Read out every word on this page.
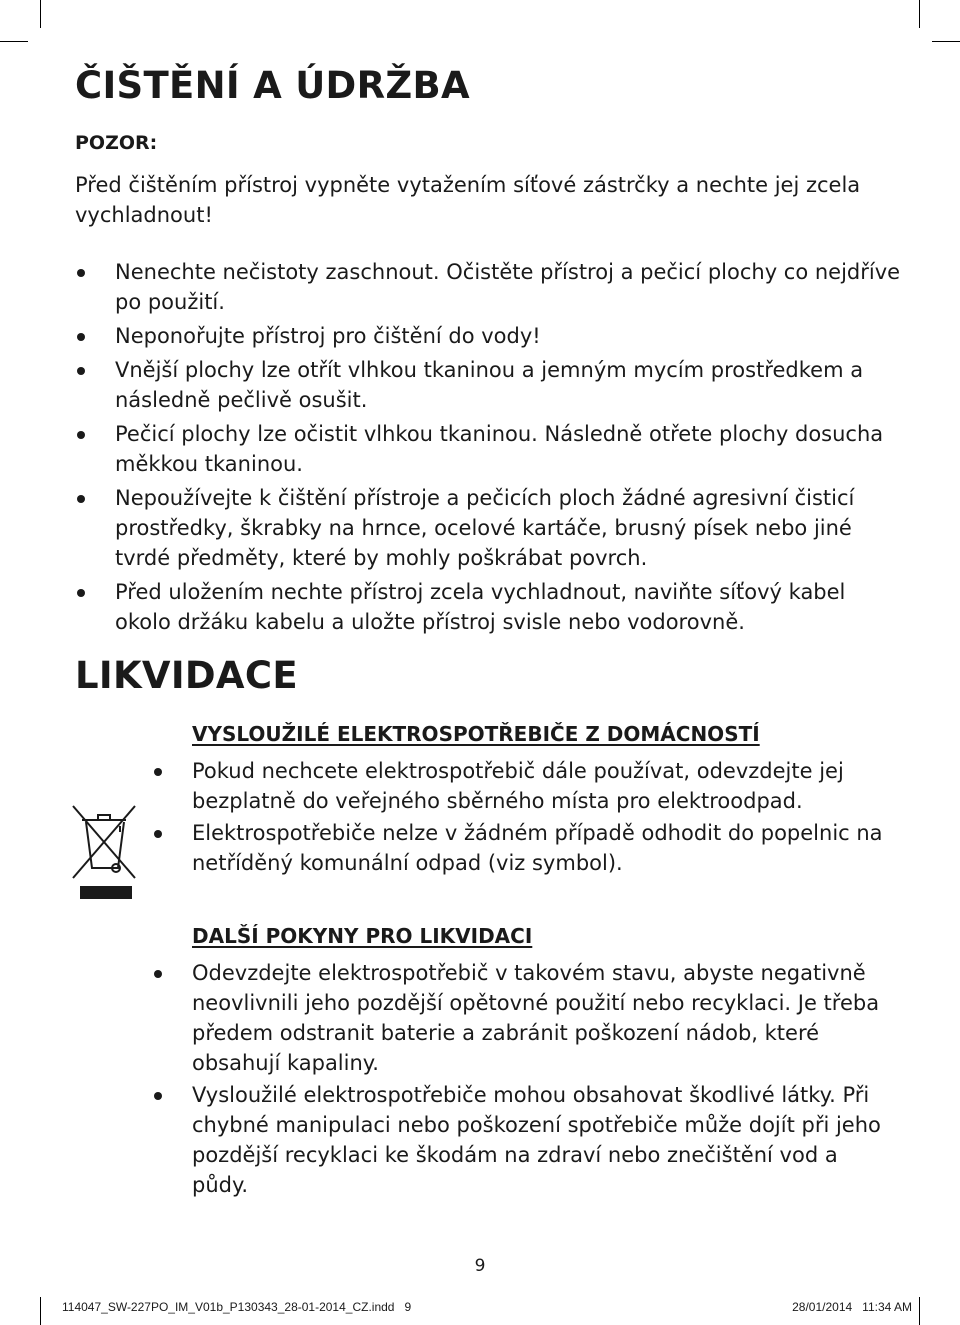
ČIŠTĚNÍ A ÚDRŽBA
POZOR:
Před čištěním přístroj vypněte vytažením síťové zástrčky a nechte jej zcela vychladnout!
Nenechte nečistoty zaschnout. Očistěte přístroj a pečicí plochy co nejdříve po použití.
Neponořujte přístroj pro čištění do vody!
Vnější plochy lze otřít vlhkou tkaninou a jemným mycím prostředkem a následně pečlivě osušit.
Pečicí plochy lze očistit vlhkou tkaninou. Následně otřete plochy dosucha měkkou tkaninou.
Nepoužívejte k čištění přístroje a pečicích ploch žádné agresivní čisticí prostředky, škrabky na hrnce, ocelové kartáče, brusný písek nebo jiné tvrdé předměty, které by mohly poškrábat povrch.
Před uložením nechte přístroj zcela vychladnout, naviňte síťový kabel okolo držáku kabelu a uložte přístroj svisle nebo vodorovně.
LIKVIDACE
VYSLOUŽILÉ ELEKTROSPOTŘEBIČE Z DOMÁCNOSTÍ
Pokud nechcete elektrospotřebič dále používat, odevzdejte jej bezplatně do veřejného sběrného místa pro elektroodpad.
Elektrospotřebiče nelze v žádném případě odhodit do popelnic na netříděný komunální odpad (viz symbol).
DALŠÍ POKYNY PRO LIKVIDACI
Odevzdejte elektrospotřebič v takovém stavu, abyste negativně neovlivnili jeho pozdější opětovné použití nebo recyklaci. Je třeba předem odstranit baterie a zabránit poškození nádob, které obsahují kapaliny.
Vysloužilé elektrospotřebiče mohou obsahovat škodlivé látky. Při chybné manipulaci nebo poškození spotřebiče může dojít při jeho pozdější recyklaci ke škodám na zdraví nebo znečištění vod a půdy.
9
114047_SW-227PO_IM_V01b_P130343_28-01-2014_CZ.indd   9	28/01/2014   11:34 AM
